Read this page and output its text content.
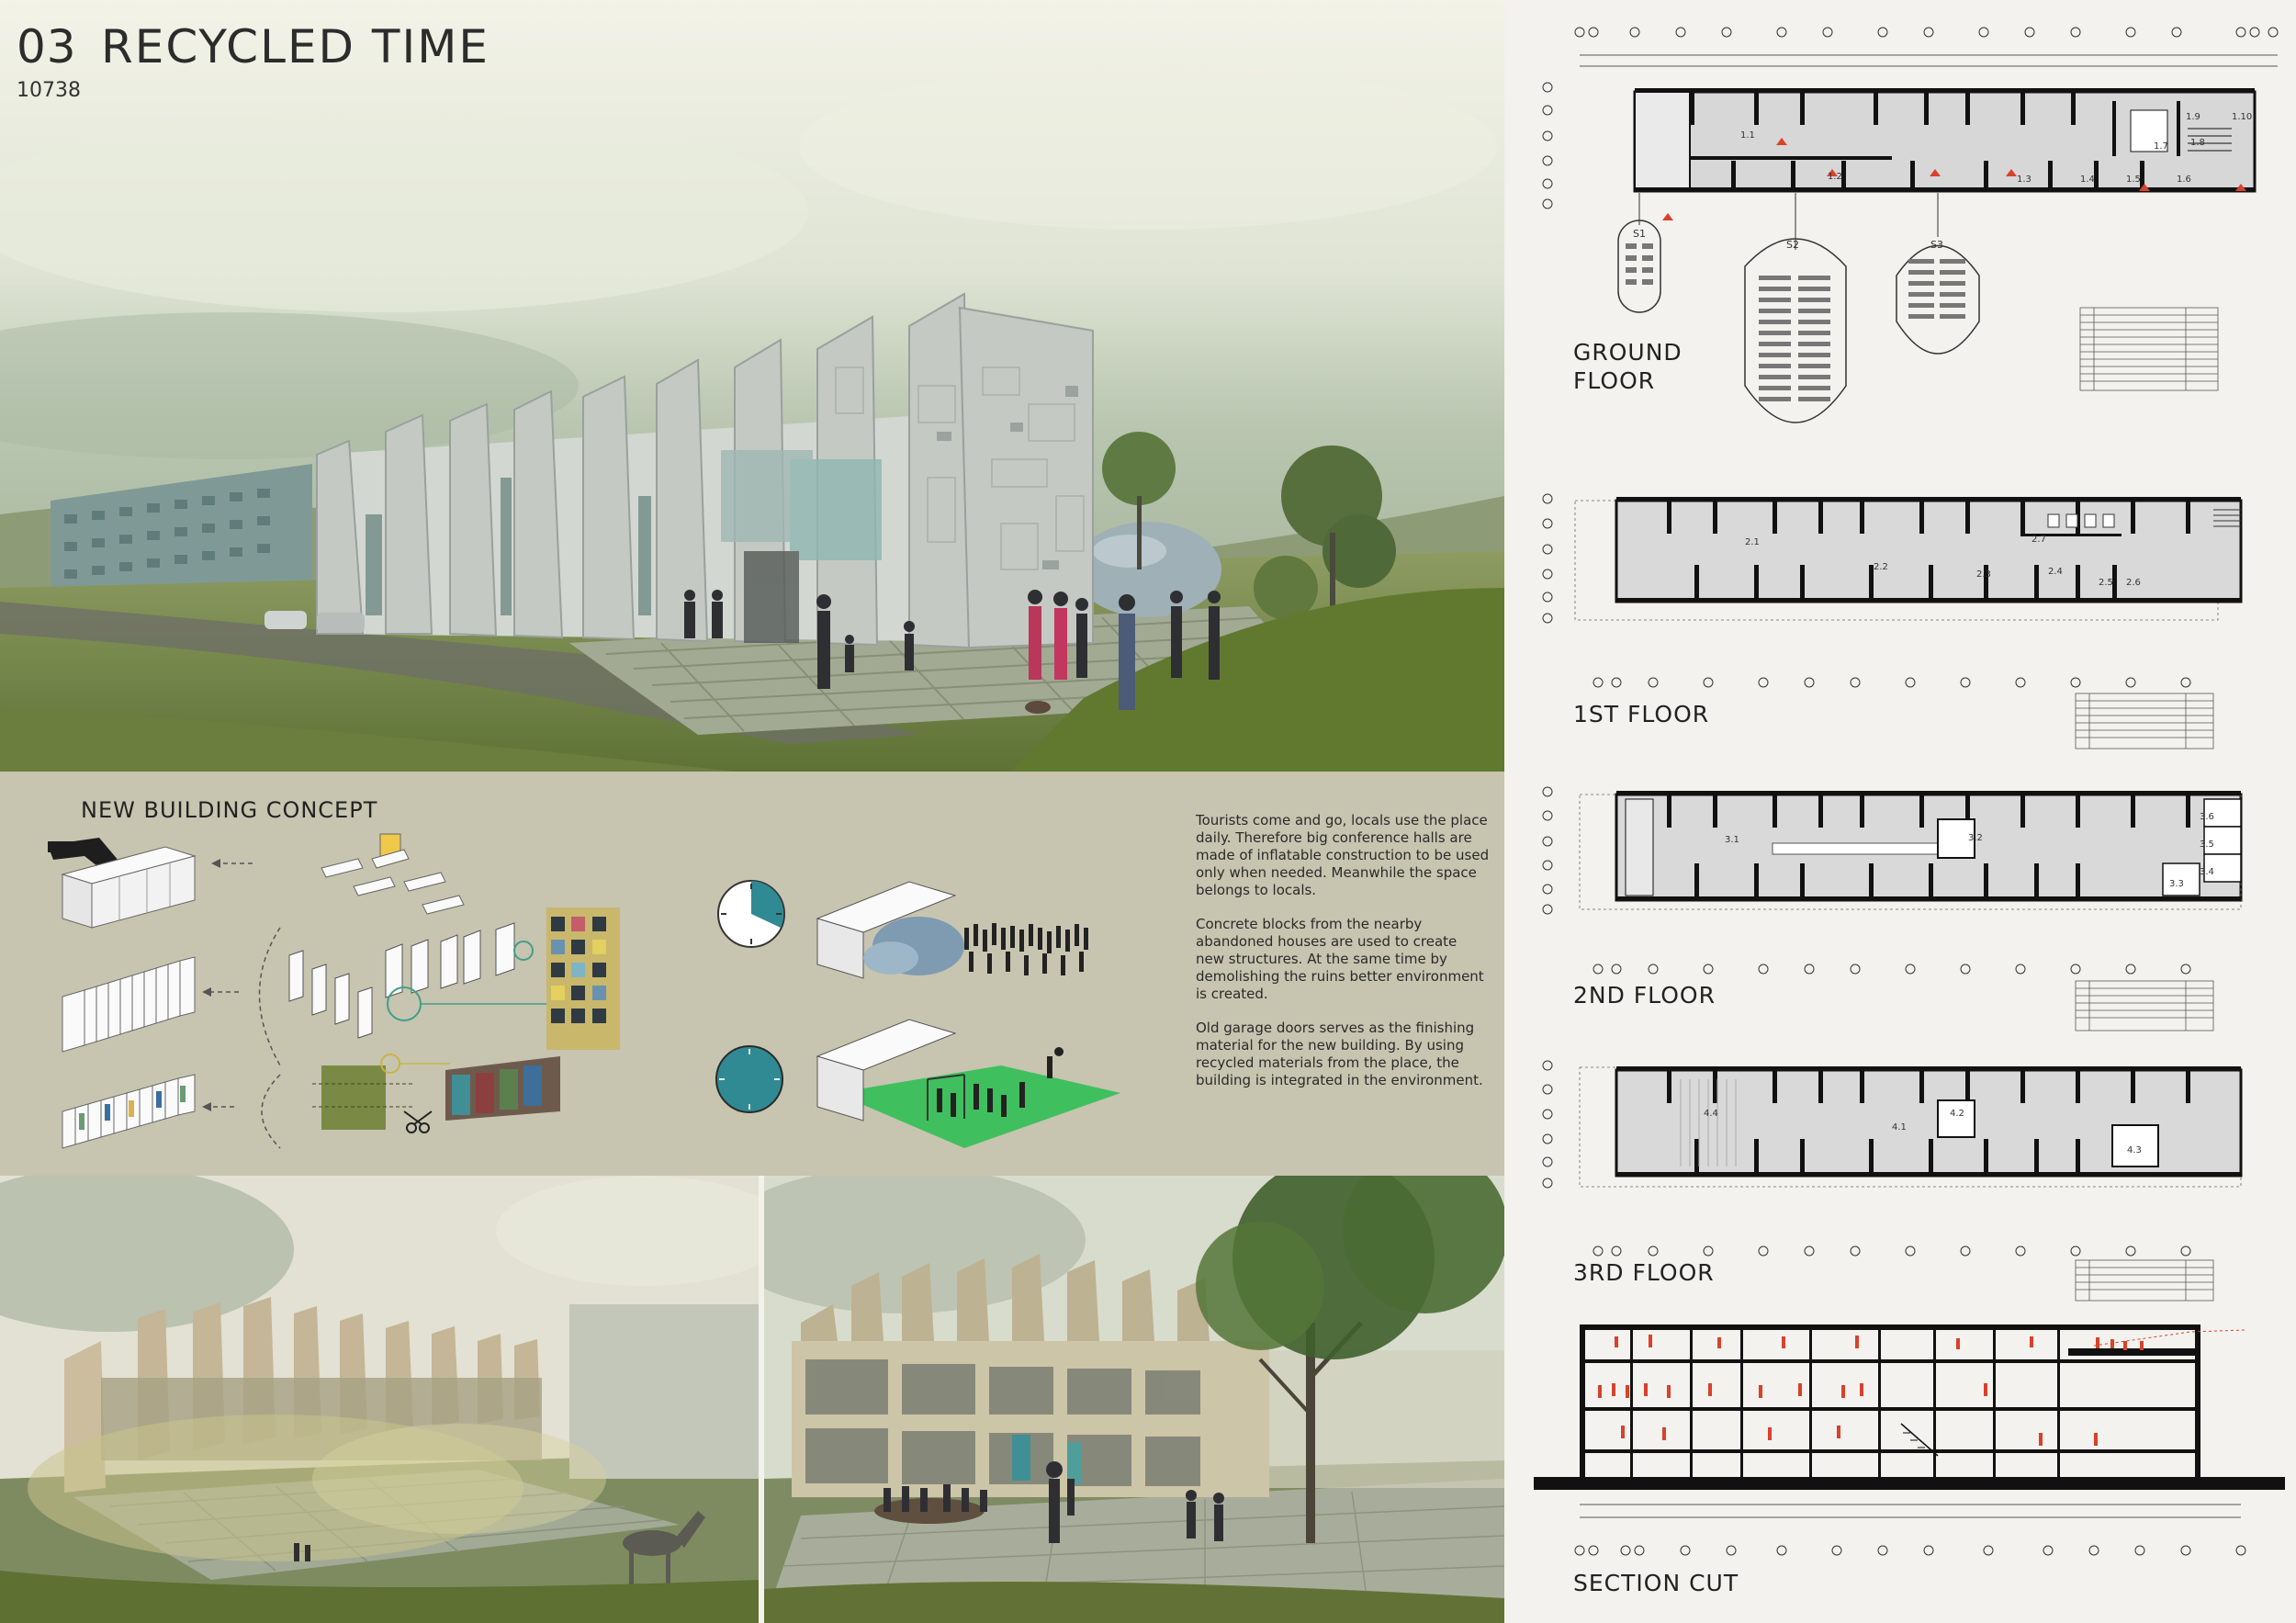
03 RECYCLED TIME
10738
NEW BUILDING CONCEPT	Tourists come and go, locals use the place daily. Therefore big conference halls are made of inflatable construction to be used only when needed. Meanwhile the space belongs to locals.

Concrete blocks from the nearby abandoned houses are used to create new structures. At the same time by demolishing the ruins better environment is created.

Old garage doors serves as the finishing material for the new building. By using recycled materials from the place, the building is integrated in the environment.

1.1
1.2	1.3	1.4	1.5	1.6
1.7 1.8
1.9	1.10
S1
S2	S3
GROUND
FLOOR
2.1
2.2
2.3	2.4
2.5 2.6
2.7
1ST FLOOR
3.1	3.2
3.3
3.4
3.5
3.6
2ND FLOOR
4.1
4.2
4.3
4.4
3RD FLOOR
SECTION CUT
